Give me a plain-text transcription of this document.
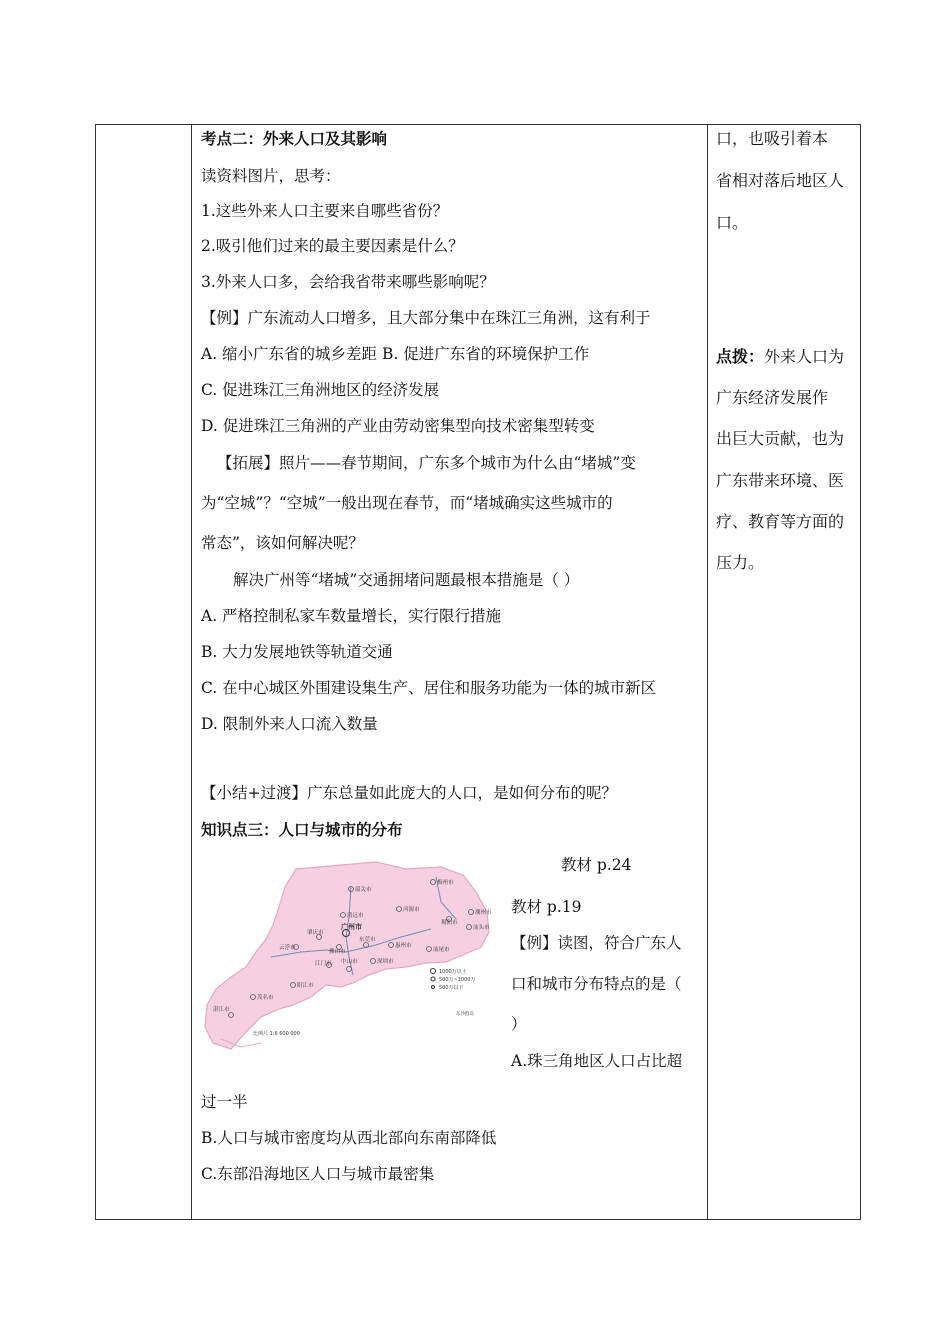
考点二：外来人口及其影响
读资料图片，思考：
1.这些外来人口主要来自哪些省份？
2.吸引他们过来的最主要因素是什么？
3.外来人口多，会给我省带来哪些影响呢？
【例】广东流动人口增多，且大部分集中在珠江三角洲，这有利于
A. 缩小广东省的城乡差距 B. 促进广东省的环境保护工作
C. 促进珠江三角洲地区的经济发展
D. 促进珠江三角洲的产业由劳动密集型向技术密集型转变
【拓展】照片——春节期间，广东多个城市为什么由“堵城”变
为“空城”？“空城”一般出现在春节，而“堵城确实这些城市的
常态”，该如何解决呢？
解决广州等“堵城”交通拥堵问题最根本措施是（ ）
A. 严格控制私家车数量增长，实行限行措施
B. 大力发展地铁等轨道交通
C. 在中心城区外围建设集生产、居住和服务功能为一体的城市新区
D. 限制外来人口流入数量
【小结+过渡】广东总量如此庞大的人口，是如何分布的呢？
知识点三：人口与城市的分布
教材 p.24
教材 p.19
【例】读图，符合广东人
口和城市分布特点的是（
）
A.珠三角地区人口占比超
过一半
B.人口与城市密度均从西北部向东南部降低
C.东部沿海地区人口与城市最密集
口，也吸引着本
省相对落后地区人
口。
点拨：外来人口为
广东经济发展作
出巨大贡献，也为
广东带来环境、医
疗、教育等方面的
压力。
韶关市
梅州市
清远市
河源市	潮州市
汕头市
广州市
肇庆市
惠州市
东莞市
云浮市
佛山市
江门市 中山市	深圳市
汕尾市
揭阳市
阳江市
茂名市
湛江市
1000万以上
500万~1000万
500万以下
东沙群岛
比例尺 1:6 600 000
